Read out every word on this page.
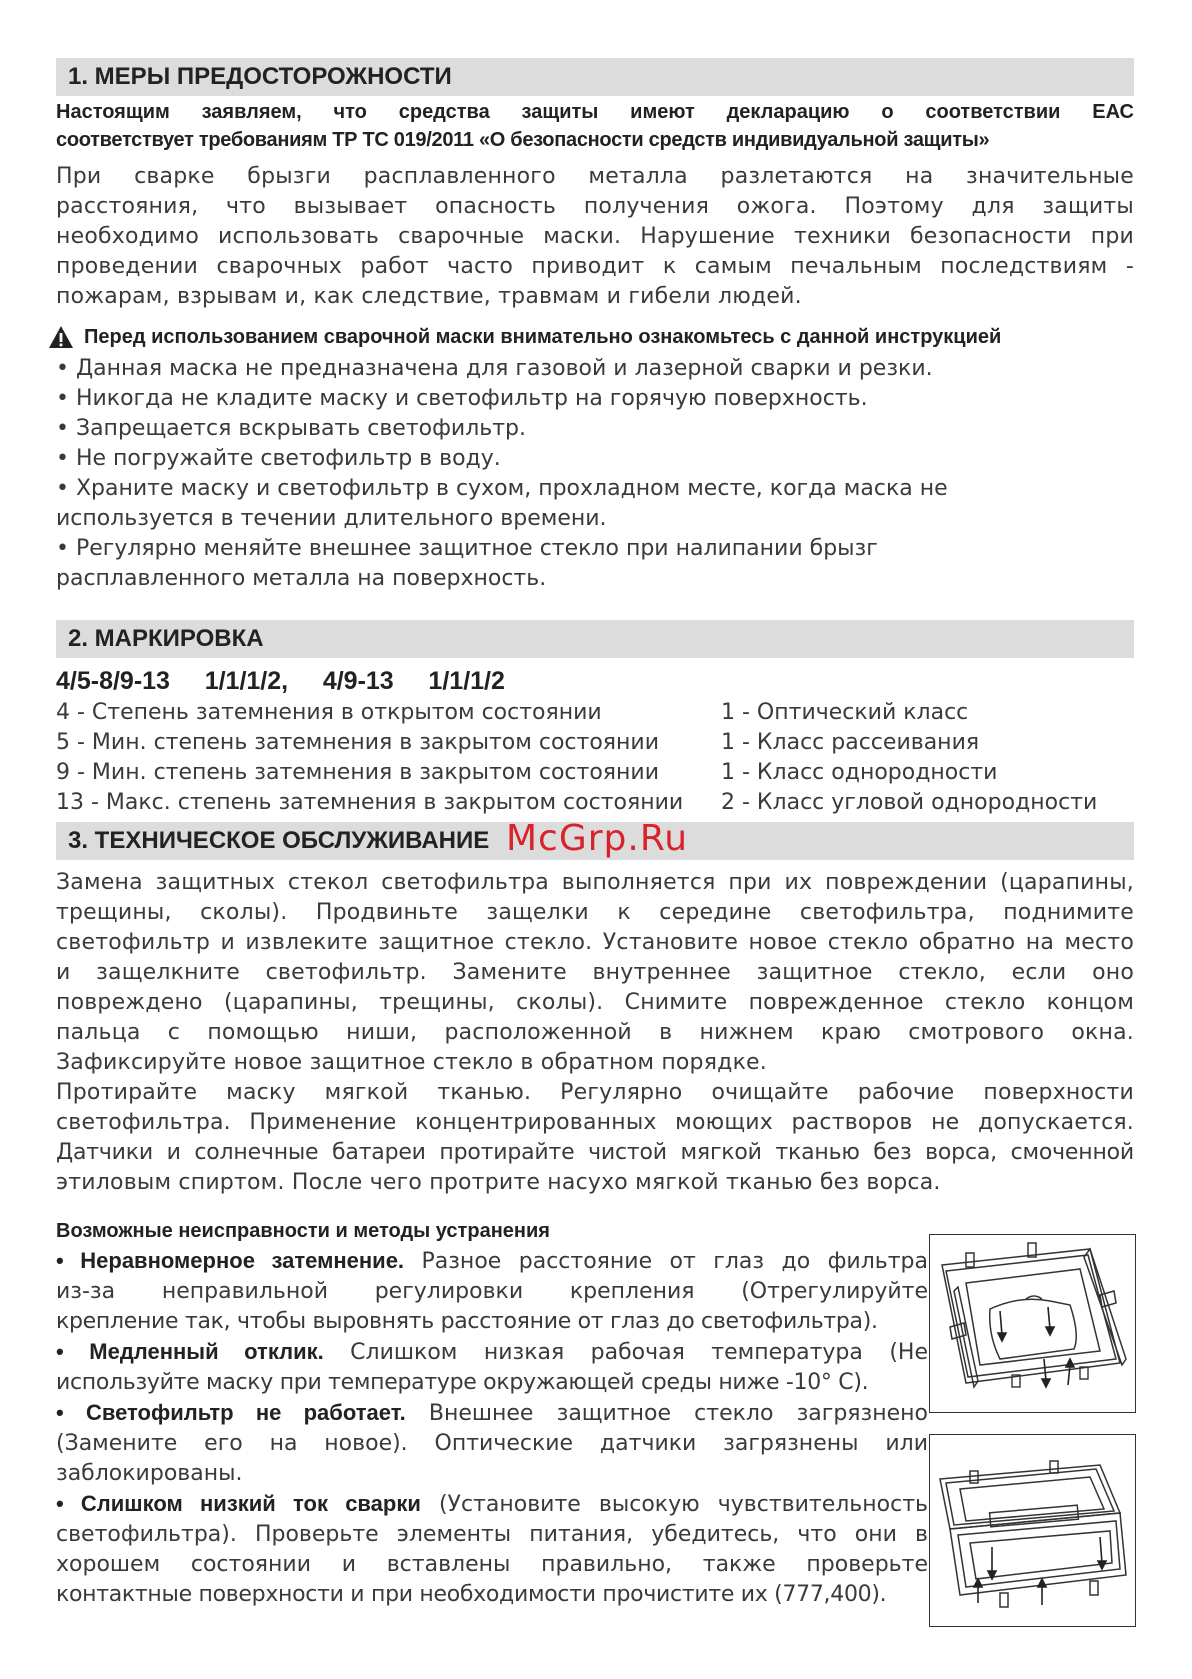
1. МЕРЫ ПРЕДОСТОРОЖНОСТИ
Настоящим заявляем, что средства защиты имеют декларацию о соответствии ЕАС
соответствует требованиям ТР ТС 019/2011 «О безопасности средств индивидуальной защиты»
При сварке брызги расплавленного металла разлетаются на значительные
расстояния, что вызывает опасность получения ожога. Поэтому для защиты
необходимо использовать сварочные маски. Нарушение техники безопасности при
проведении сварочных работ часто приводит к самым печальным последствиям -
пожарам, взрывам и, как следствие, травмам и гибели людей.
Перед использованием сварочной маски внимательно ознакомьтесь с данной инструкцией
• Данная маска не предназначена для газовой и лазерной сварки и резки.
• Никогда не кладите маску и светофильтр на горячую поверхность.
• Запрещается вскрывать светофильтр.
• Не погружайте светофильтр в воду.
• Храните маску и светофильтр в сухом, прохладном месте, когда маска не
используется в течении длительного времени.
• Регулярно меняйте внешнее защитное стекло при налипании брызг
расплавленного металла на поверхность.
2. МАРКИРОВКА
4/5-8/9-13     1/1/1/2,     4/9-13     1/1/1/2
4 - Степень затемнения в открытом состоянии	1 - Оптический класс
5 - Мин. степень затемнения в закрытом состоянии	1 - Класс рассеивания
9 - Мин. степень затемнения в закрытом состоянии	1 - Класс однородности
13 - Макс. степень затемнения в закрытом состоянии	2 - Класс угловой однородности
3. ТЕХНИЧЕСКОЕ ОБСЛУЖИВАНИЕ
Замена защитных стекол светофильтра выполняется при их повреждении (царапины,
трещины, сколы). Продвиньте защелки к середине светофильтра, поднимите
светофильтр и извлеките защитное стекло. Установите новое стекло обратно на место
и защелкните светофильтр. Замените внутреннее защитное стекло, если оно
повреждено (царапины, трещины, сколы). Снимите поврежденное стекло концом
пальца с помощью ниши, расположенной в нижнем краю смотрового окна.
Зафиксируйте новое защитное стекло в обратном порядке.
Протирайте маску мягкой тканью. Регулярно очищайте рабочие поверхности
светофильтра. Применение концентрированных моющих растворов не допускается.
Датчики и солнечные батареи протирайте чистой мягкой тканью без ворса, смоченной
этиловым спиртом. После чего протрите насухо мягкой тканью без ворса.
Возможные неисправности и методы устранения
• Неравномерное затемнение. Разное расстояние от глаз до фильтра
из-за неправильной регулировки крепления (Отрегулируйте
крепление так, чтобы выровнять расстояние от глаз до светофильтра).
• Медленный отклик. Слишком низкая рабочая температура (Не
используйте маску при температуре окружающей среды ниже -10° С).
• Светофильтр не работает. Внешнее защитное стекло загрязнено
(Замените его на новое). Оптические датчики загрязнены или
заблокированы.
• Слишком низкий ток сварки (Установите высокую чувствительность
светофильтра). Проверьте элементы питания, убедитесь, что они в
хорошем состоянии и вставлены правильно, также проверьте
контактные поверхности и при необходимости прочистите их (777,400).
McGrp.Ru
